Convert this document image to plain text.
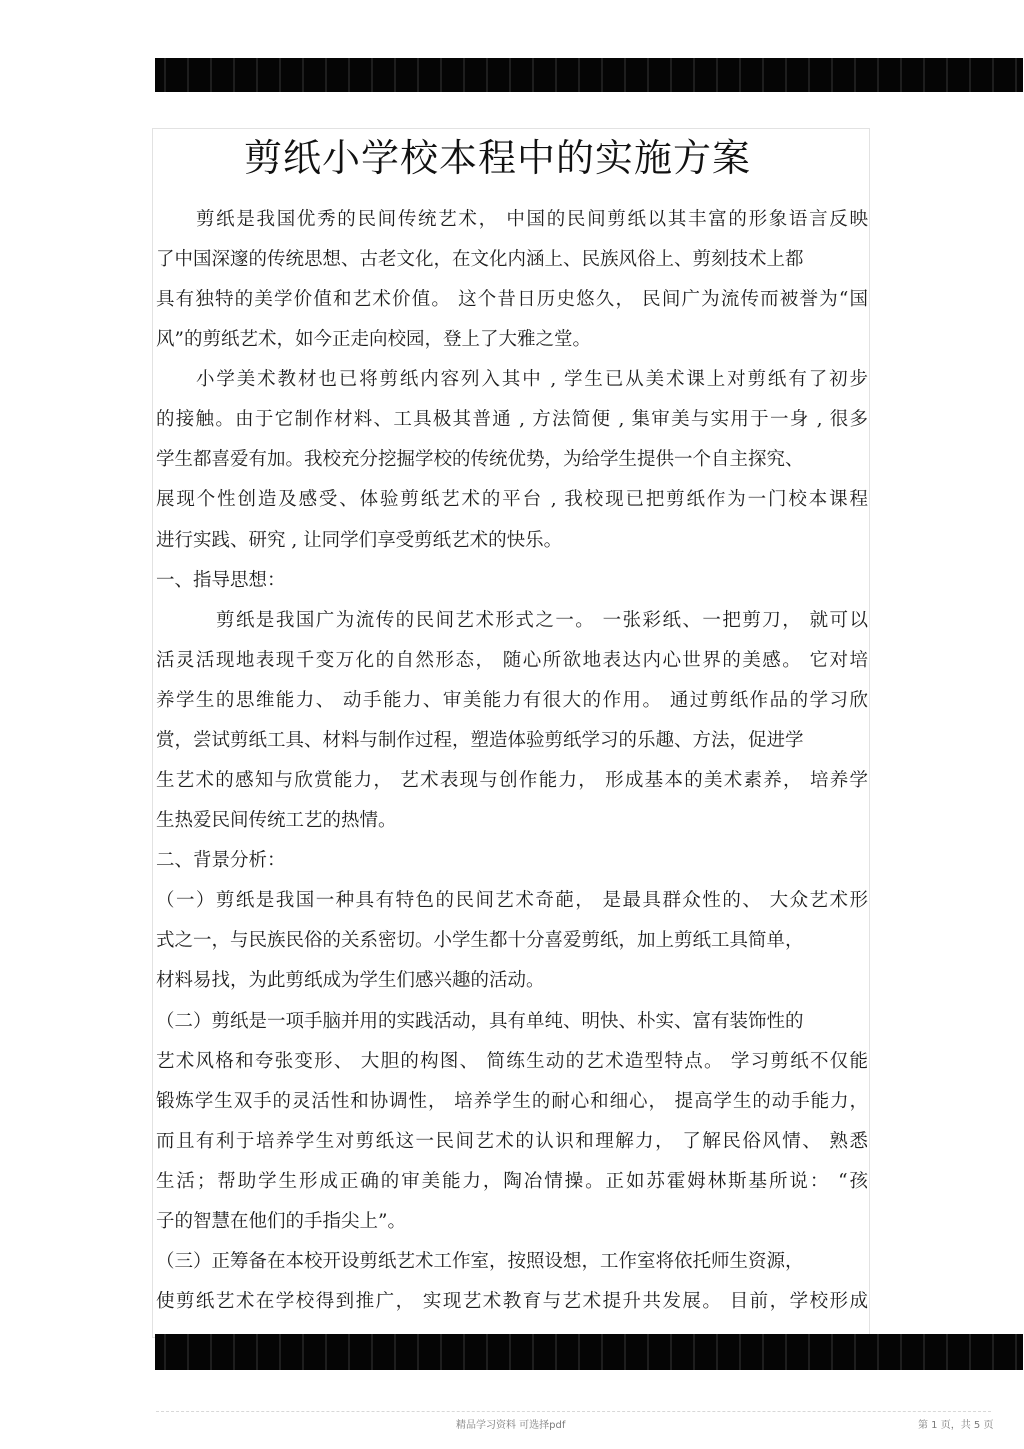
剪纸小学校本程中的实施方案
剪纸是我国优秀的民间传统艺术， 中国的民间剪纸以其丰富的形象语言反映
了中国深邃的传统思想、古老文化，在文化内涵上、民族风俗上、剪刻技术上都
具有独特的美学价值和艺术价值。 这个昔日历史悠久， 民间广为流传而被誉为“国
风”的剪纸艺术，如今正走向校园，登上了大雅之堂。
小学美术教材也已将剪纸内容列入其中 , 学生已从美术课上对剪纸有了初步
的接触。由于它制作材料、工具极其普通 , 方法简便 , 集审美与实用于一身 , 很多
学生都喜爱有加。我校充分挖掘学校的传统优势，为给学生提供一个自主探究、
展现个性创造及感受、体验剪纸艺术的平台 , 我校现已把剪纸作为一门校本课程
进行实践、研究 , 让同学们享受剪纸艺术的快乐。
一、指导思想：
剪纸是我国广为流传的民间艺术形式之一。 一张彩纸、一把剪刀， 就可以
活灵活现地表现千变万化的自然形态， 随心所欲地表达内心世界的美感。 它对培
养学生的思维能力、 动手能力、审美能力有很大的作用。 通过剪纸作品的学习欣
赏，尝试剪纸工具、材料与制作过程，塑造体验剪纸学习的乐趣、方法，促进学
生艺术的感知与欣赏能力， 艺术表现与创作能力， 形成基本的美术素养， 培养学
生热爱民间传统工艺的热情。
二、背景分析：
（一）剪纸是我国一种具有特色的民间艺术奇葩， 是最具群众性的、 大众艺术形
式之一，与民族民俗的关系密切。小学生都十分喜爱剪纸，加上剪纸工具简单，
材料易找，为此剪纸成为学生们感兴趣的活动。
（二）剪纸是一项手脑并用的实践活动，具有单纯、明快、朴实、富有装饰性的
艺术风格和夸张变形、 大胆的构图、 简练生动的艺术造型特点。 学习剪纸不仅能
锻炼学生双手的灵活性和协调性， 培养学生的耐心和细心， 提高学生的动手能力，
而且有利于培养学生对剪纸这一民间艺术的认识和理解力， 了解民俗风情、 熟悉
生活；帮助学生形成正确的审美能力，陶冶情操。正如苏霍姆林斯基所说： “孩
子的智慧在他们的手指尖上”。
（三）正筹备在本校开设剪纸艺术工作室，按照设想，工作室将依托师生资源，
使剪纸艺术在学校得到推广， 实现艺术教育与艺术提升共发展。 目前，学校形成
精品学习资料 可选择pdf	第 1 页，共 5 页
